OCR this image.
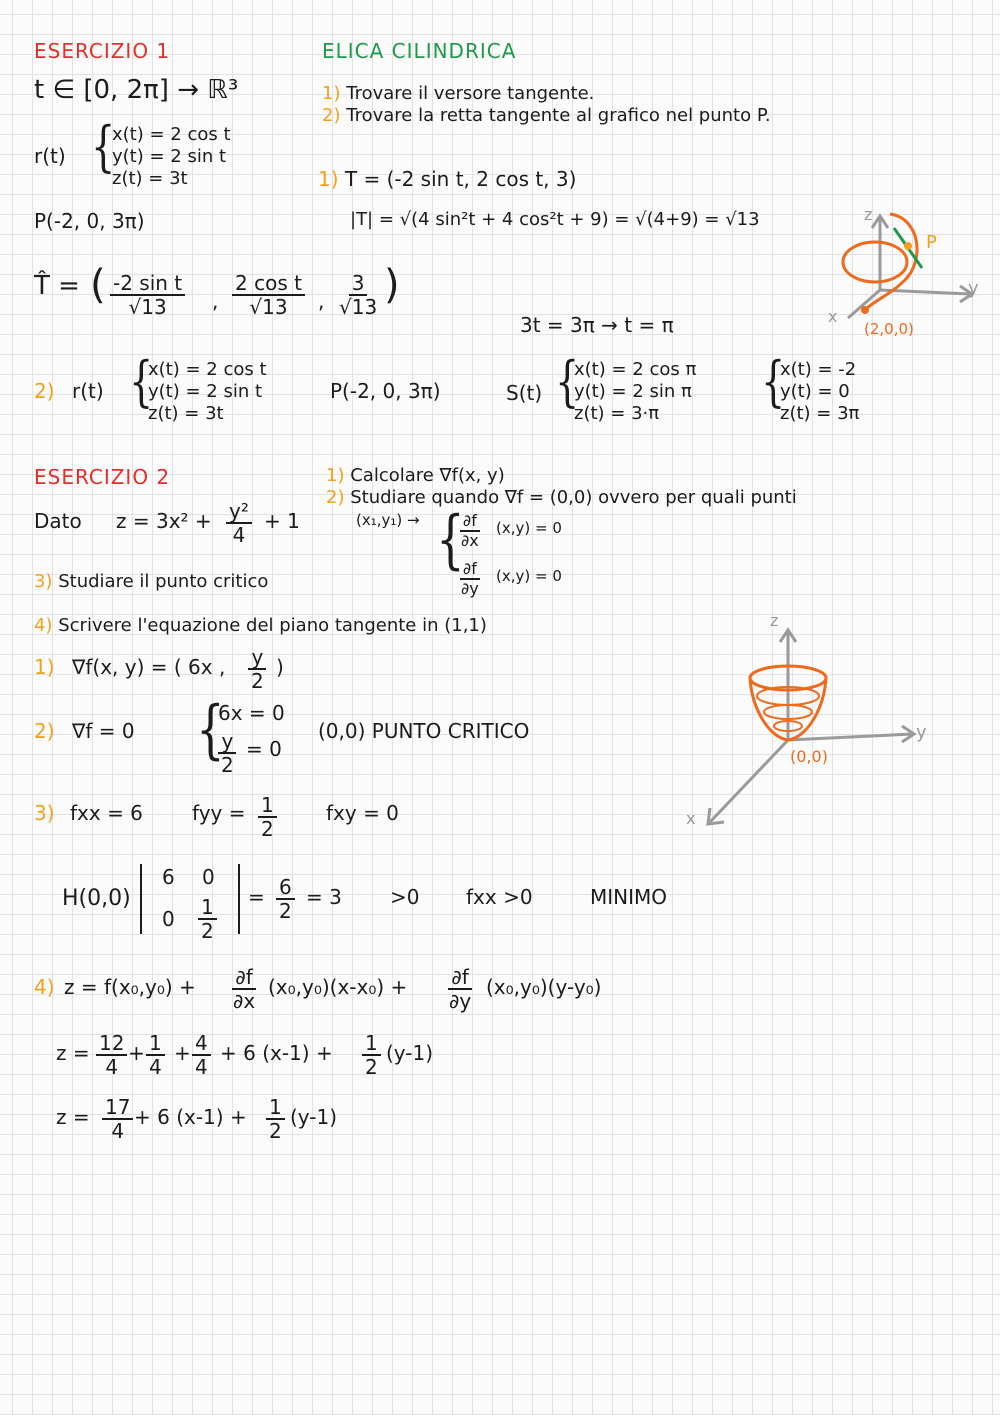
ESERCIZIO 1	ELICA CILINDRICA
t ∈ [0, 2π] → ℝ³	1) Trovare il versore tangente.
2) Trovare la retta tangente al grafico nel punto P.
r(t) {
x(t) = 2 cos t
y(t) = 2 sin t
z(t) = 3t
P(-2, 0, 3π)
1) T = (-2 sin t, 2 cos t, 3)
|T| = √(4 sin²t + 4 cos²t + 9) = √(4+9) = √13
T̂ = ( $\frac{\text{-2 sin t}}{√13}$ , $\frac{\text{2 cos t}}{√13}$ , $\frac{3}{√13}$ )
3t = 3π → t = π
z
y
x
P
(2,0,0)
2) r(t) {
x(t) = 2 cos t
y(t) = 2 sin t
z(t) = 3t
P(-2, 0, 3π)	S(t) {
x(t) = 2 cos π
y(t) = 2 sin π
z(t) = 3·π
{
x(t) = -2
y(t) = 0
z(t) = 3π
ESERCIZIO 2	1) Calcolare ∇f(x, y)
2) Studiare quando ∇f = (0,0) ovvero per quali punti
Dato $z = 3x^2 + \frac{\text{y²}}{4} + 1$	(x₁,y₁) → {
$\frac{\partial f}{\partial x} (x,y) = 0$
$\frac{\partial f}{\partial y} (x,y) = 0$
3) Studiare il punto critico
4) Scrivere l'equazione del piano tangente in (1,1)
1) ∇f(x, y) = ( 6x , $\frac{y}{2}$ )
2) ∇f = 0 {
6x = 0
$\frac{y}{2} = 0$
(0,0) PUNTO CRITICO
z
y
x
(0,0)
3) fxx = 6 fyy = $\frac{1}{2}$ fxy = 0
H(0,0)
6 0
$0 \frac{1}{2} = \frac{6}{2} = 3 >0$ fxx >0	MINIMO
4) $z = f(x_0,y_0) + \frac{\partial f}{\partial x} (x_0,y_0)(x-x_0) + \frac{\partial f}{\partial y} (x_0,y_0)(y-y_0)$
$z = \frac{12}{4} + \frac{1}{4} + \frac{4}{4} + 6$ $(x-1) + \frac{1}{2} (y-1)$
$z = \frac{17}{4} + 6$ $(x-1) + \frac{1}{2} (y-1)$
